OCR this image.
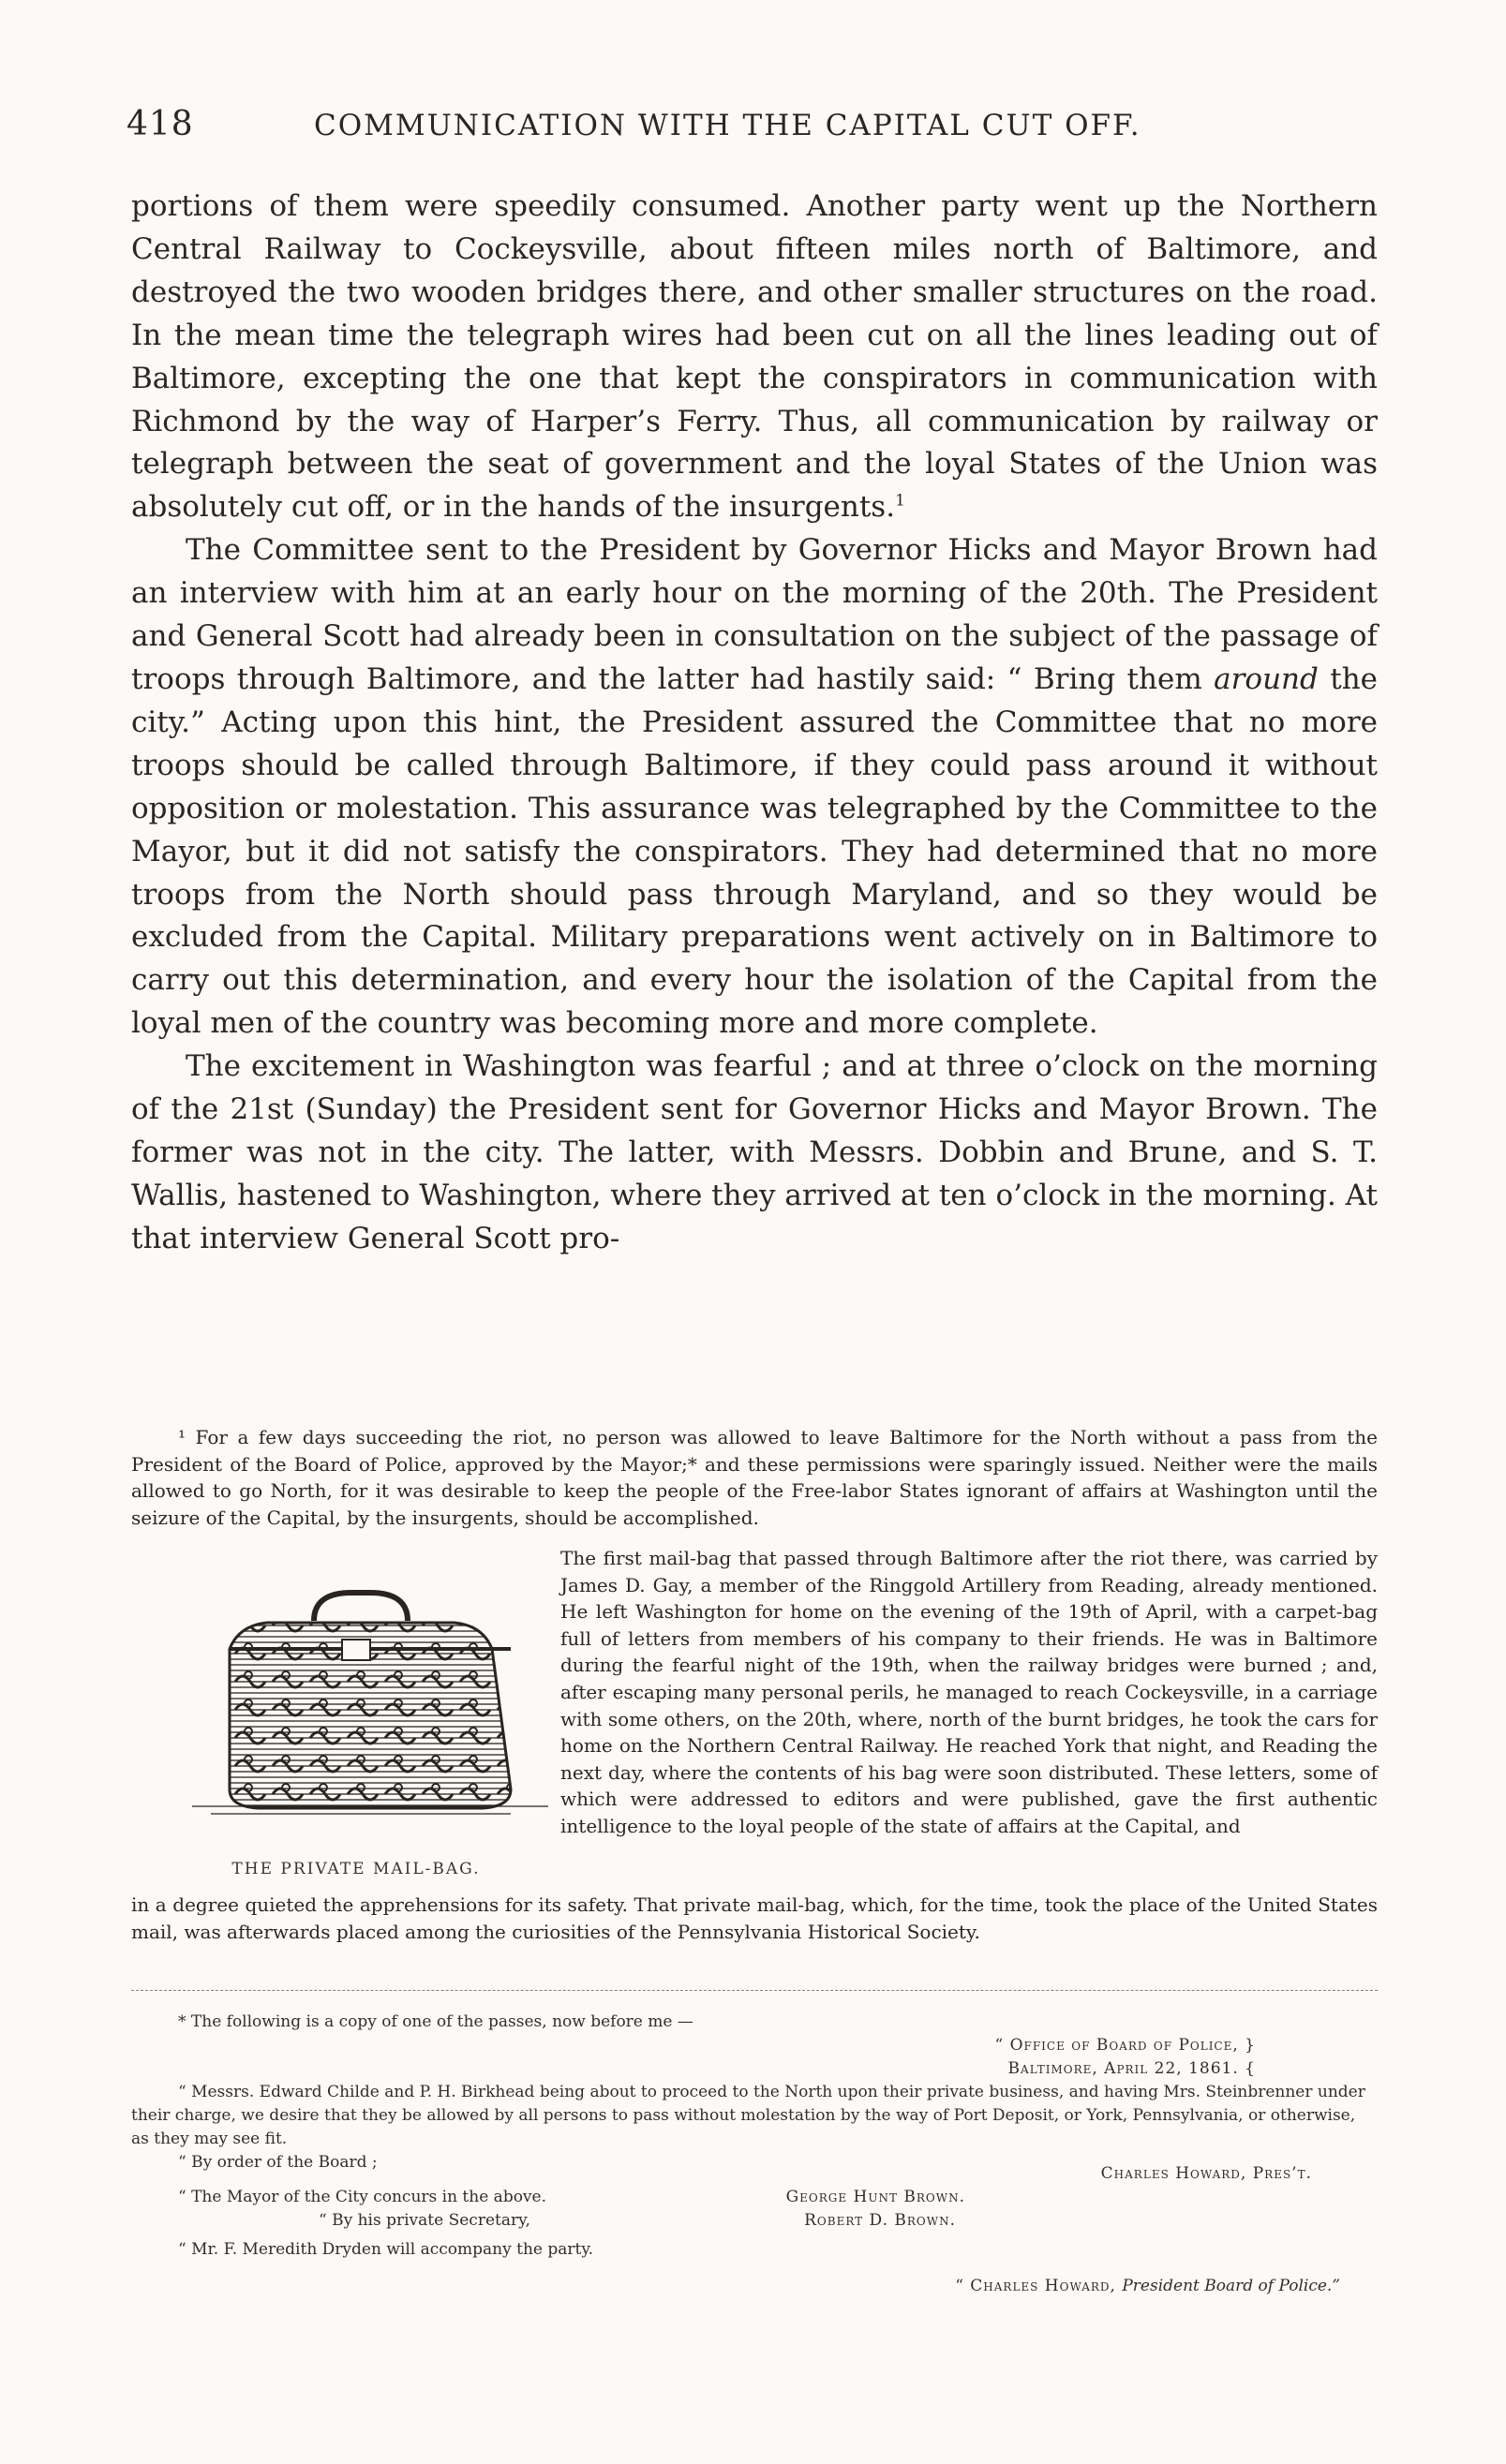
418	COMMUNICATION WITH THE CAPITAL CUT OFF.

portions of them were speedily consumed. Another party went up the Northern Central Railway to Cockeysville, about fifteen miles north of Baltimore, and destroyed the two wooden bridges there, and other smaller structures on the road. In the mean time the telegraph wires had been cut on all the lines leading out of Baltimore, excepting the one that kept the conspirators in communication with Richmond by the way of Harper’s Ferry. Thus, all communication by railway or telegraph between the seat of government and the loyal States of the Union was absolutely cut off, or in the hands of the insurgents.$^1$

The Committee sent to the President by Governor Hicks and Mayor Brown had an interview with him at an early hour on the morning of the 20th. The President and General Scott had already been in consultation on the subject of the passage of troops through Baltimore, and the latter had hastily said: “ Bring them around the city.” Acting upon this hint, the President assured the Committee that no more troops should be called through Baltimore, if they could pass around it without opposition or molestation. This assurance was telegraphed by the Committee to the Mayor, but it did not satisfy the conspirators. They had determined that no more troops from the North should pass through Maryland, and so they would be excluded from the Capital. Military preparations went actively on in Baltimore to carry out this determination, and every hour the isolation of the Capital from the loyal men of the country was becoming more and more complete.

The excitement in Washington was fearful ; and at three o’clock on the morning of the 21st (Sunday) the President sent for Governor Hicks and Mayor Brown. The former was not in the city. The latter, with Messrs. Dobbin and Brune, and S. T. Wallis, hastened to Washington, where they arrived at ten o’clock in the morning. At that interview General Scott pro-

¹ For a few days succeeding the riot, no person was allowed to leave Baltimore for the North without a pass from the President of the Board of Police, approved by the Mayor;* and these permissions were sparingly issued. Neither were the mails allowed to go North, for it was desirable to keep the people of the Free-labor States ignorant of affairs at Washington until the seizure of the Capital, by the insurgents, should be accomplished.

THE PRIVATE MAIL-BAG.

The first mail-bag that passed through Baltimore after the riot there, was carried by James D. Gay, a member of the Ringgold Artillery from Reading, already mentioned. He left Washington for home on the evening of the 19th of April, with a carpet-bag full of letters from members of his company to their friends. He was in Baltimore during the fearful night of the 19th, when the railway bridges were burned ; and, after escaping many personal perils, he managed to reach Cockeysville, in a carriage with some others, on the 20th, where, north of the burnt bridges, he took the cars for home on the Northern Central Railway. He reached York that night, and Reading the next day, where the contents of his bag were soon distributed. These letters, some of which were addressed to editors and were published, gave the first authentic intelligence to the loyal people of the state of affairs at the Capital, and

in a degree quieted the apprehensions for its safety. That private mail-bag, which, for the time, took the place of the United States mail, was afterwards placed among the curiosities of the Pennsylvania Historical Society.

* The following is a copy of one of the passes, now before me —

“ Office of Board of Police, }

Baltimore, April 22, 1861. {

“ Messrs. Edward Childe and P. H. Birkhead being about to proceed to the North upon their private business, and having Mrs. Steinbrenner under their charge, we desire that they be allowed by all persons to pass without molestation by the way of Port Deposit, or York, Pennsylvania, or otherwise, as they may see fit.

“ By order of the Board ;
Charles Howard, Pres’t.
“ The Mayor of the City concurs in the above.	George Hunt Brown.
“ By his private Secretary,	Robert D. Brown.

“ Mr. F. Meredith Dryden will accompany the party.

“ Charles Howard, President Board of Police.”
